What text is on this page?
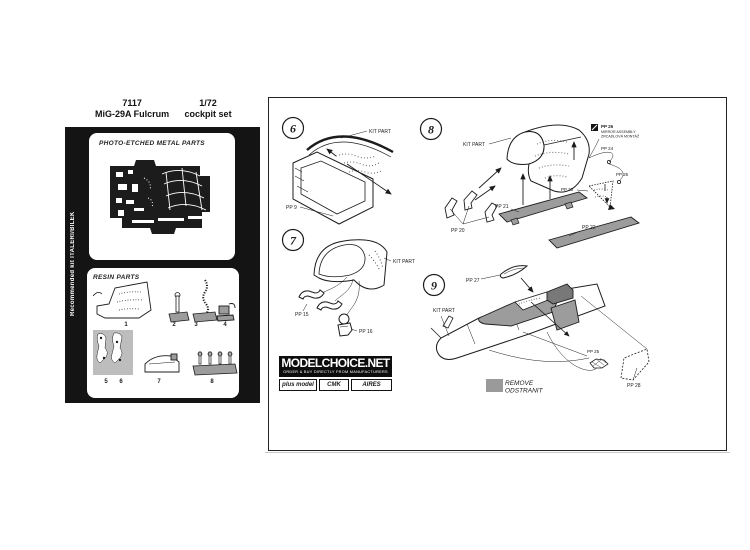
7117	1/72
MiG-29A Fulcrum	cockpit set
Recommended kit ITALERI/BILEK
PHOTO-ETCHED METAL PARTS
RESIN PARTS
1	2	3	4
5 6	7	8
6	KIT PART
PP 9
7
PP 15
PP 16
KIT PART
8
PP 20
PP 21
PP 22
PP 24
PP 25
PP 23
PP 26
MIRROR ASSEMBLY
ZRCADLOVÁ MONTÁŽ
KIT PART
9	PP 27
PP 25
PP 28
KIT PART
REMOVE
ODSTRANIT
MODELCHOICE.NET
ORDER & BUY DIRECTLY FROM MANUFACTURERS
plus model	CMK	AIRES
